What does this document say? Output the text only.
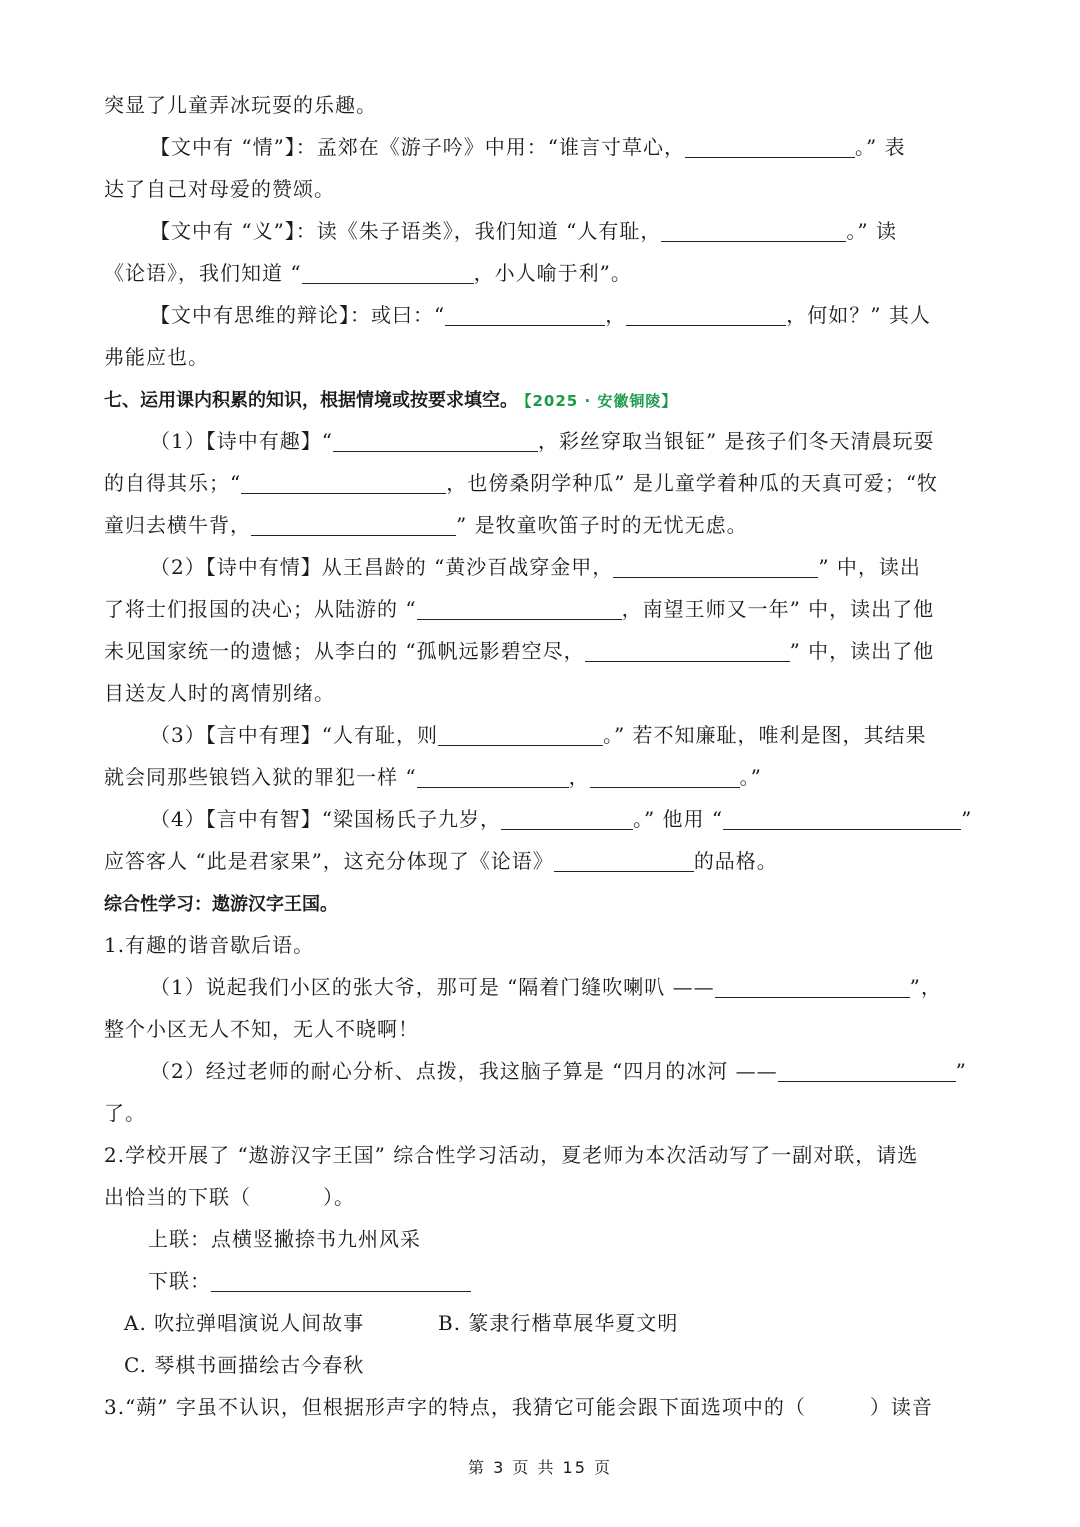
突显了儿童弄冰玩耍的乐趣。
【文中有 “情”】：孟郊在《游子吟》中用：“谁言寸草心，	。” 表
达了自己对母爱的赞颂。
【文中有 “义”】：读《朱子语类》，我们知道 “人有耻，	。” 读
《论语》，我们知道 “	，小人喻于利”。
【文中有思维的辩论】：或曰：“	，	，何如？” 其人
弗能应也。
七、运用课内积累的知识，根据情境或按要求填空。 【2025 · 安徽铜陵】
（1）【诗中有趣】“	，彩丝穿取当银钲” 是孩子们冬天清晨玩耍
的自得其乐；“	，也傍桑阴学种瓜” 是儿童学着种瓜的天真可爱；“牧
童归去横牛背，	” 是牧童吹笛子时的无忧无虑。
（2）【诗中有情】从王昌龄的 “黄沙百战穿金甲，	” 中，读出
了将士们报国的决心；从陆游的 “	，南望王师又一年” 中，读出了他
未见国家统一的遗憾；从李白的 “孤帆远影碧空尽，	” 中，读出了他
目送友人时的离情别绪。
（3）【言中有理】“人有耻，则	。” 若不知廉耻，唯利是图，其结果
就会同那些锒铛入狱的罪犯一样 “	，	。”
（4）【言中有智】“梁国杨氏子九岁，	。” 他用 “	”
应答客人 “此是君家果”，这充分体现了《论语》	的品格。
综合性学习：遨游汉字王国。
1.有趣的谐音歇后语。
（1）说起我们小区的张大爷，那可是 “隔着门缝吹喇叭 ——	”，
整个小区无人不知，无人不晓啊！
（2）经过老师的耐心分析、点拨，我这脑子算是 “四月的冰河 ——	”
了。
2.学校开展了 “遨游汉字王国” 综合性学习活动，夏老师为本次活动写了一副对联，请选
出恰当的下联（	）。
上联：点横竖撇捺书九州风采
下联：
A. 吹拉弹唱演说人间故事	B. 篆隶行楷草展华夏文明
C. 琴棋书画描绘古今春秋
3.“蒴” 字虽不认识，但根据形声字的特点，我猜它可能会跟下面选项中的（	）读音
第 3 页 共 15 页
